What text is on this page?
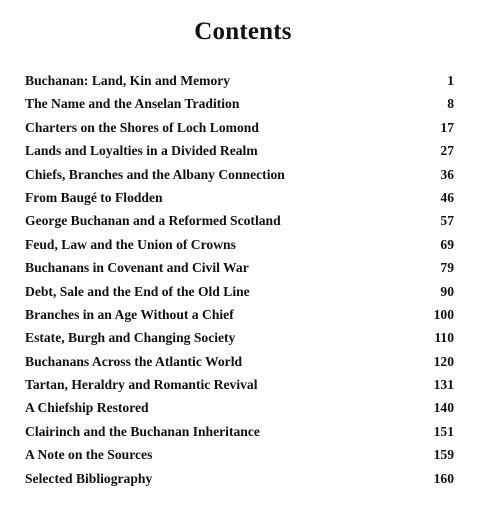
Contents
Buchanan: Land, Kin and Memory	1
The Name and the Anselan Tradition	8
Charters on the Shores of Loch Lomond	17
Lands and Loyalties in a Divided Realm	27
Chiefs, Branches and the Albany Connection	36
From Baugé to Flodden	46
George Buchanan and a Reformed Scotland	57
Feud, Law and the Union of Crowns	69
Buchanans in Covenant and Civil War	79
Debt, Sale and the End of the Old Line	90
Branches in an Age Without a Chief	100
Estate, Burgh and Changing Society	110
Buchanans Across the Atlantic World	120
Tartan, Heraldry and Romantic Revival	131
A Chiefship Restored	140
Clairinch and the Buchanan Inheritance	151
A Note on the Sources	159
Selected Bibliography	160
